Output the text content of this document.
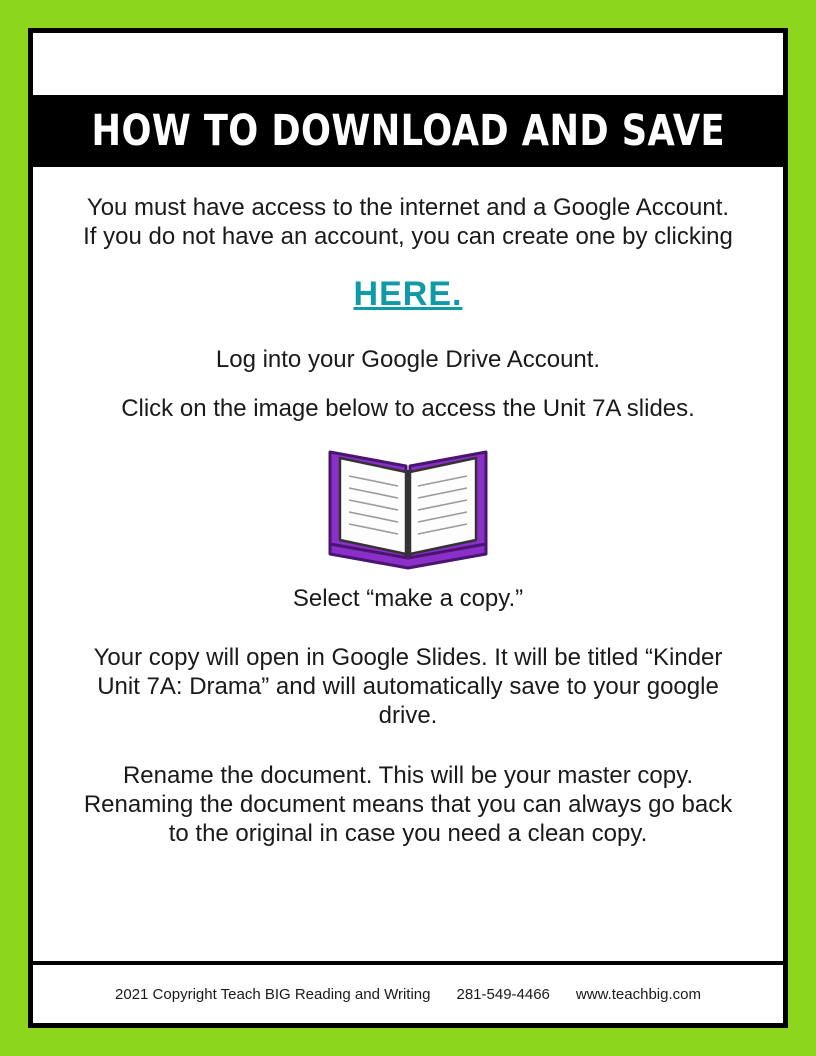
HOW TO DOWNLOAD AND SAVE

You must have access to the internet and a Google Account. If you do not have an account, you can create one by clicking

HERE.

Log into your Google Drive Account.

Click on the image below to access the Unit 7A slides.

Select “make a copy.”

Your copy will open in Google Slides. It will be titled “Kinder Unit 7A: Drama” and will automatically save to your google drive.

Rename the document. This will be your master copy. Renaming the document means that you can always go back to the original in case you need a clean copy.

2021 Copyright Teach BIG Reading and Writing 281-549-4466 www.teachbig.com
